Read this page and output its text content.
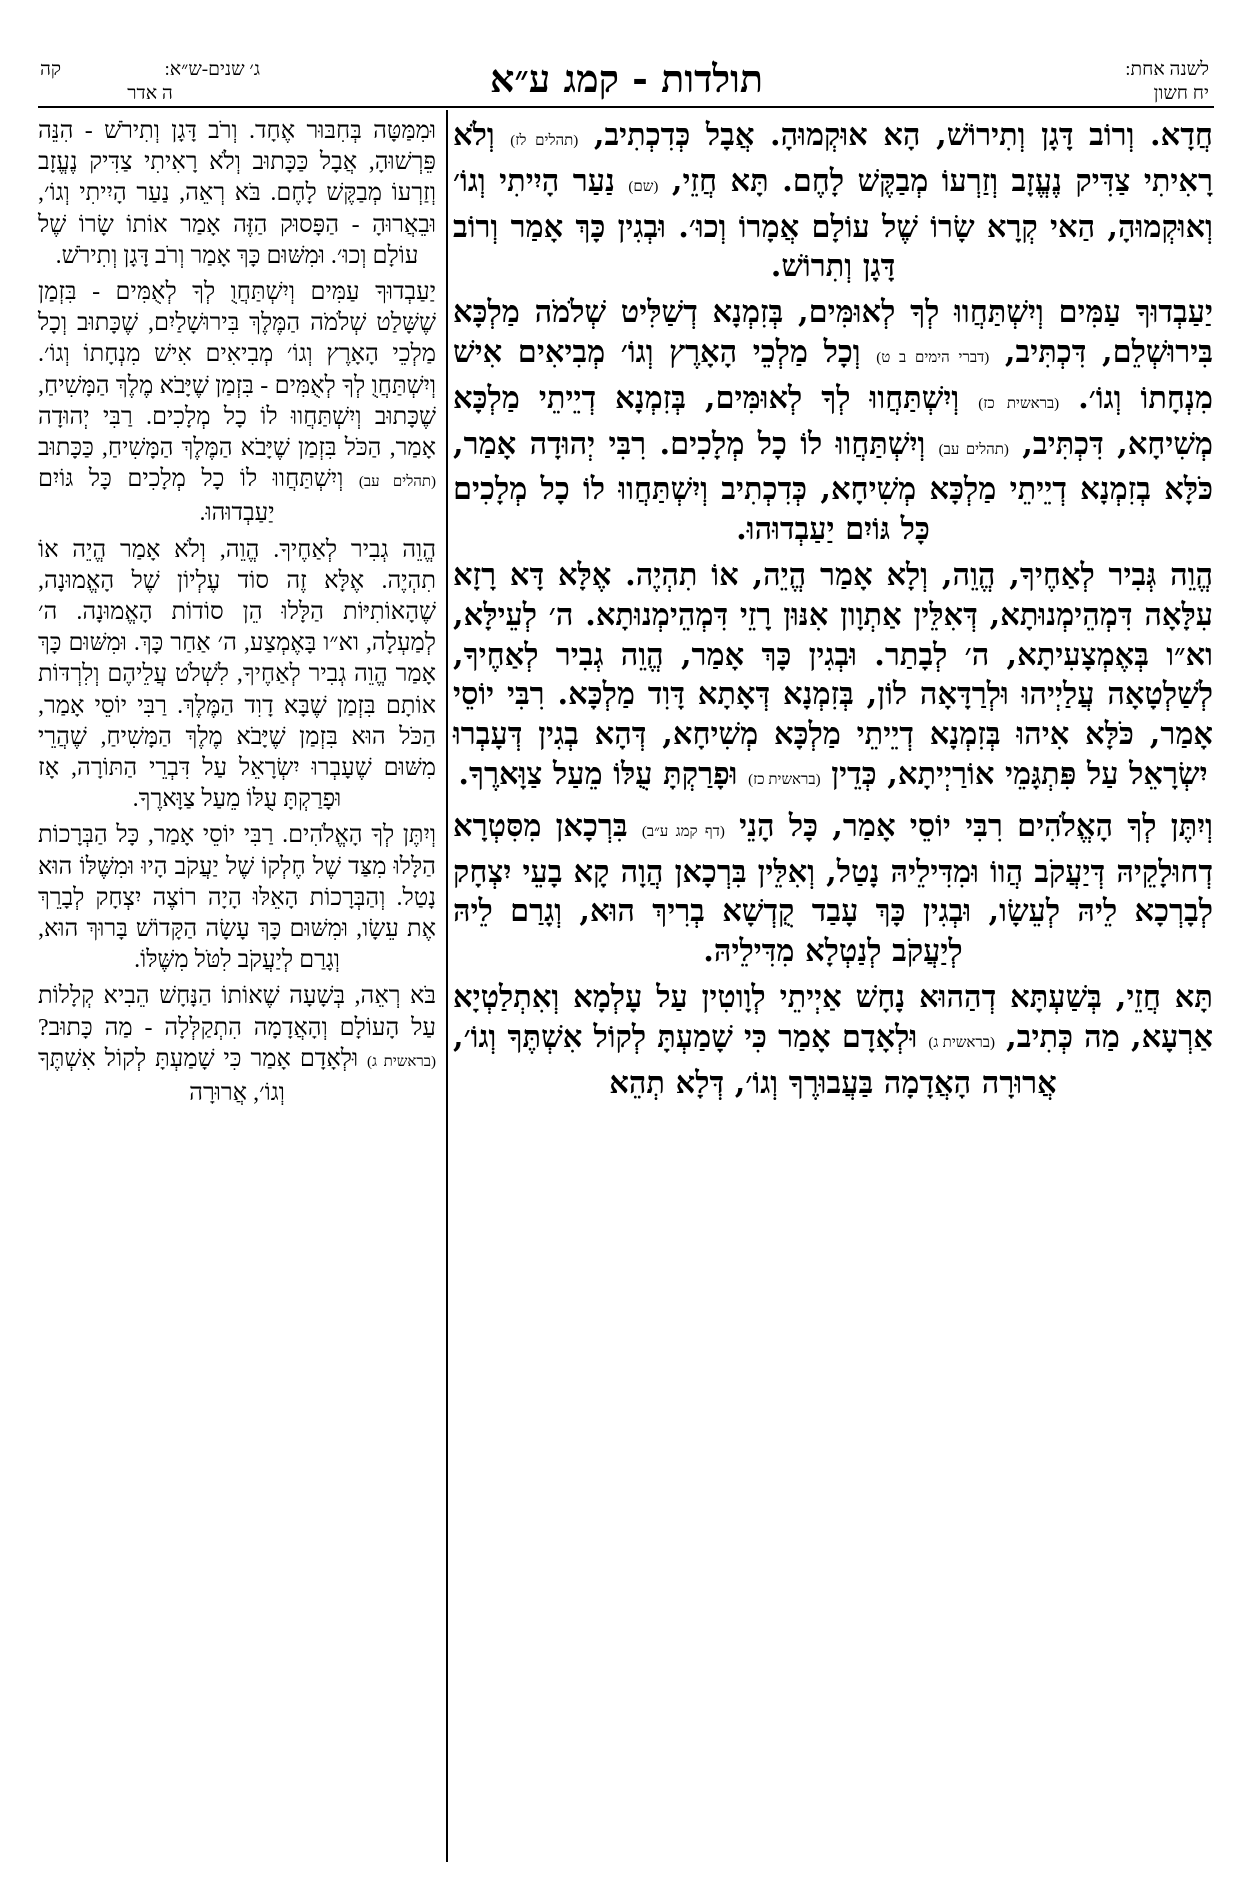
לשנה אחת:
יח חשון
תולדות - קמג ע״א
ג׳ שנים-ש״א:
קה
ה אדר

חֲדָא. וְרוֹב דָּגָן וְתִירוֹשׁ, הָא אוּקְמוּהָ. אֲבָל כְּדִכְתִיב, ( תהלים לז ) וְלֹא רָאִיתִי צַדִּיק נֶעֱזָב וְזַרְעוֹ מְבַקֶּשׁ לָחֶם. תָּא חֲזֵי, ( שם ) נַעַר הָיִיתִי וְגוֹ׳ וְאוּקְמוּהָ, הַאי קְרָא שָׂרוֹ שֶׁל עוֹלָם אֲמָרוֹ וְכוּ׳. וּבְגִין כָּךְ אָמַר וְרוֹב דָּגָן וְתִרוֹשׁ.

יַעַבְדוּךָ עַמִּים וְיִשְׁתַּחֲווּ לְךָ לְאוּמִּים, בְּזִמְנָא דְשַׁלִּיט שְׁלֹמֹה מַלְכָּא בִּירוּשְׁלֵם, דִּכְתִּיב, ( דברי הימים ב ט ) וְכָל מַלְכֵי הָאָרֶץ וְגוֹ׳ מְבִיאִים אִישׁ מִנְחָתוֹ וְגוֹ׳. ( בראשית כז ) וְיִשְׁתַּחֲווּ לְךָ לְאוּמִּים, בְּזִמְנָא דְיֵיתֵי מַלְכָּא מְשִׁיחָא, דִּכְתִּיב, ( תהלים עב ) וְיִשְׁתַּחֲווּ לוֹ כָל מְלָכִים. רִבִּי יְהוּדָה אָמַר, כֹּלָּא בְזִמְנָא דְיֵיתֵי מַלְכָּא מְשִׁיחָא, כְּדִכְתִיב וְיִשְׁתַּחֲווּ לוֹ כָל מְלָכִים כָּל גּוֹיִם יַעַבְדוּהוּ.

הֱוֵה גְּבִיר לְאַחֶיךָ, הֱוֵה, וְלָא אָמַר הֱיֵה, אוֹ תִהְיֶה. אֶלָּא דָּא רָזָא עִלָּאָה דִּמְהֵימְנוּתָא, דְּאִלֵּין אַתְוָון אִנּוּן רָזֵי דִּמְהֵימְנוּתָא. ה׳ לְעֵילָּא, וא״ו בְּאֶמְצָעִיתָא, ה׳ לְבָתַר. וּבְגִין כָּךְ אָמַר, הֱוֵה גְבִיר לְאַחֶיךָ, לְשַׁלְטָאָה עֲלַיְיהוּ וּלְרַדָּאָה לוֹן, בְּזִמְנָא דְּאָתָא דָּוִד מַלְכָּא. רִבִּי יוֹסֵי אָמַר, כֹּלָּא אִיהוּ בְּזִמְנָא דְיֵיתֵי מַלְכָּא מְשִׁיחָא, דְּהָא בְגִין דְּעָבְרוּ יִשְׂרָאֵל עַל פִּתְגָּמֵי אוֹרַיְיתָא, כְּדֵין ( בראשית כז ) וּפָרַקְתָּ עֻלּוֹ מֵעַל צַוָּארֶךָ.

וְיִתֶּן לְךָ הָאֱלֹהִים רִבִּי יוֹסֵי אָמַר, כָּל הָנֵי ( דף קמג ע״ב ) בִּרְכָאן מִסִּטְרָא דְחוּלָקֵיהּ דְּיַעֲקֹב הֲווֹ וּמִדִּילֵיהּ נָטַל, וְאִלֵּין בִּרְכָאן הֲוָה קָא בָעֵי יִצְחָק לְבָרְכָא לֵיהּ לְעֵשָׂו, וּבְגִין כָּךְ עָבַד קֻדְשָׁא בְרִיךְ הוּא, וְגָרַם לֵיהּ לְיַעֲקֹב לְנַטְלָא מִדִּילֵיהּ.

תָּא חֲזֵי, בְּשַׁעְתָּא דְהַהוּא נָחָשׁ אַיְיתֵי לְוָוטִין עַל עָלְמָא וְאִתְלַטְיָא אַרְעָא, מַה כְּתִיב, ( בראשית ג ) וּלְאָדָם אָמַר כִּי שָׁמַעְתָּ לְקוֹל אִשְׁתֶּךָ וְגוֹ׳, אֲרוּרָה הָאֲדָמָה בַּעֲבוּרֶךָ וְגוֹ׳, דְּלָא תְהֵא

וּמִמַּטָּה בְּחִבּוּר אֶחָד. וְרֹב דָּגָן וְתִירֹשׁ - הִנֵּה פֵּרְשׁוּהָ, אֲבָל כַּכָּתוּב וְלֹא רָאִיתִי צַדִּיק נֶעֱזָב וְזַרְעוֹ מְבַקֶּשׁ לָחֶם. בֹּא רְאֵה, נַעַר הָיִיתִי וְגוֹ׳, וּבֵאֲרוּהָ - הַפָּסוּק הַזֶּה אָמַר אוֹתוֹ שָׂרוֹ שֶׁל עוֹלָם וְכוּ׳. וּמִשּׁוּם כָּךְ אָמַר וְרֹב דָּגָן וְתִירֹשׁ.

יַעַבְדוּךָ עַמִּים וְיִשְׁתַּחֲוֻ לְךָ לְאֻמִּים - בִּזְמַן שֶׁשָּׁלַט שְׁלֹמֹה הַמֶּלֶךְ בִּירוּשָׁלַיִם, שֶׁכָּתוּב וְכָל מַלְכֵי הָאָרֶץ וְגוֹ׳ מְבִיאִים אִישׁ מִנְחָתוֹ וְגוֹ׳. וְיִשְׁתַּחֲוֻ לְךָ לְאֻמִּים - בִּזְמַן שֶׁיָּבֹא מֶלֶךְ הַמָּשִׁיחַ, שֶׁכָּתוּב וְיִשְׁתַּחֲווּ לוֹ כָל מְלָכִים. רַבִּי יְהוּדָה אָמַר, הַכֹּל בִּזְמַן שֶׁיָּבֹא הַמֶּלֶךְ הַמָּשִׁיחַ, כַּכָּתוּב ( תהלים עב ) וְיִשְׁתַּחֲווּ לוֹ כָל מְלָכִים כָּל גּוֹיִם יַעַבְדוּהוּ.

הֱוֵה גְבִיר לְאַחֶיךָ. הֱוֵה, וְלֹא אָמַר הֱיֵה אוֹ תִהְיֶה. אֶלָּא זֶה סוֹד עֶלְיוֹן שֶׁל הָאֱמוּנָה, שֶׁהָאוֹתִיּוֹת הַלָּלוּ הֵן סוֹדוֹת הָאֱמוּנָה. ה׳ לְמַעְלָה, וא״ו בָּאֶמְצַע, ה׳ אַחַר כָּךְ. וּמִשּׁוּם כָּךְ אָמַר הֱוֵה גְבִיר לְאַחֶיךָ, לִשְׁלֹט עֲלֵיהֶם וְלִרְדּוֹת אוֹתָם בִּזְמַן שֶׁבָּא דָוִד הַמֶּלֶךְ. רַבִּי יוֹסֵי אָמַר, הַכֹּל הוּא בִּזְמַן שֶׁיָּבֹא מֶלֶךְ הַמָּשִׁיחַ, שֶׁהֲרֵי מִשּׁוּם שֶׁעָבְרוּ יִשְׂרָאֵל עַל דִּבְרֵי הַתּוֹרָה, אָז וּפָרַקְתָּ עֻלּוֹ מֵעַל צַוָּארֶךָ.

וְיִתֶּן לְךָ הָאֱלֹהִים. רַבִּי יוֹסֵי אָמַר, כָּל הַבְּרָכוֹת הַלָּלוּ מִצַּד שֶׁל חֶלְקוֹ שֶׁל יַעֲקֹב הָיוּ וּמִשֶּׁלּוֹ הוּא נָטַל. וְהַבְּרָכוֹת הָאֵלּוּ הָיָה רוֹצֶה יִצְחָק לְבָרֵךְ אֶת עֵשָׂו, וּמִשּׁוּם כָּךְ עָשָׂה הַקָּדוֹשׁ בָּרוּךְ הוּא, וְגָרַם לְיַעֲקֹב לִטֹּל מִשֶּׁלּוֹ.

בֹּא רְאֵה, בְּשָׁעָה שֶׁאוֹתוֹ הַנָּחָשׁ הֵבִיא קְלָלוֹת עַל הָעוֹלָם וְהָאֲדָמָה הִתְקַלְּלָה - מַה כָּתוּב? ( בראשית ג ) וּלְאָדָם אָמַר כִּי שָׁמַעְתָּ לְקוֹל אִשְׁתֶּךָ וְגוֹ׳, אֲרוּרָה
